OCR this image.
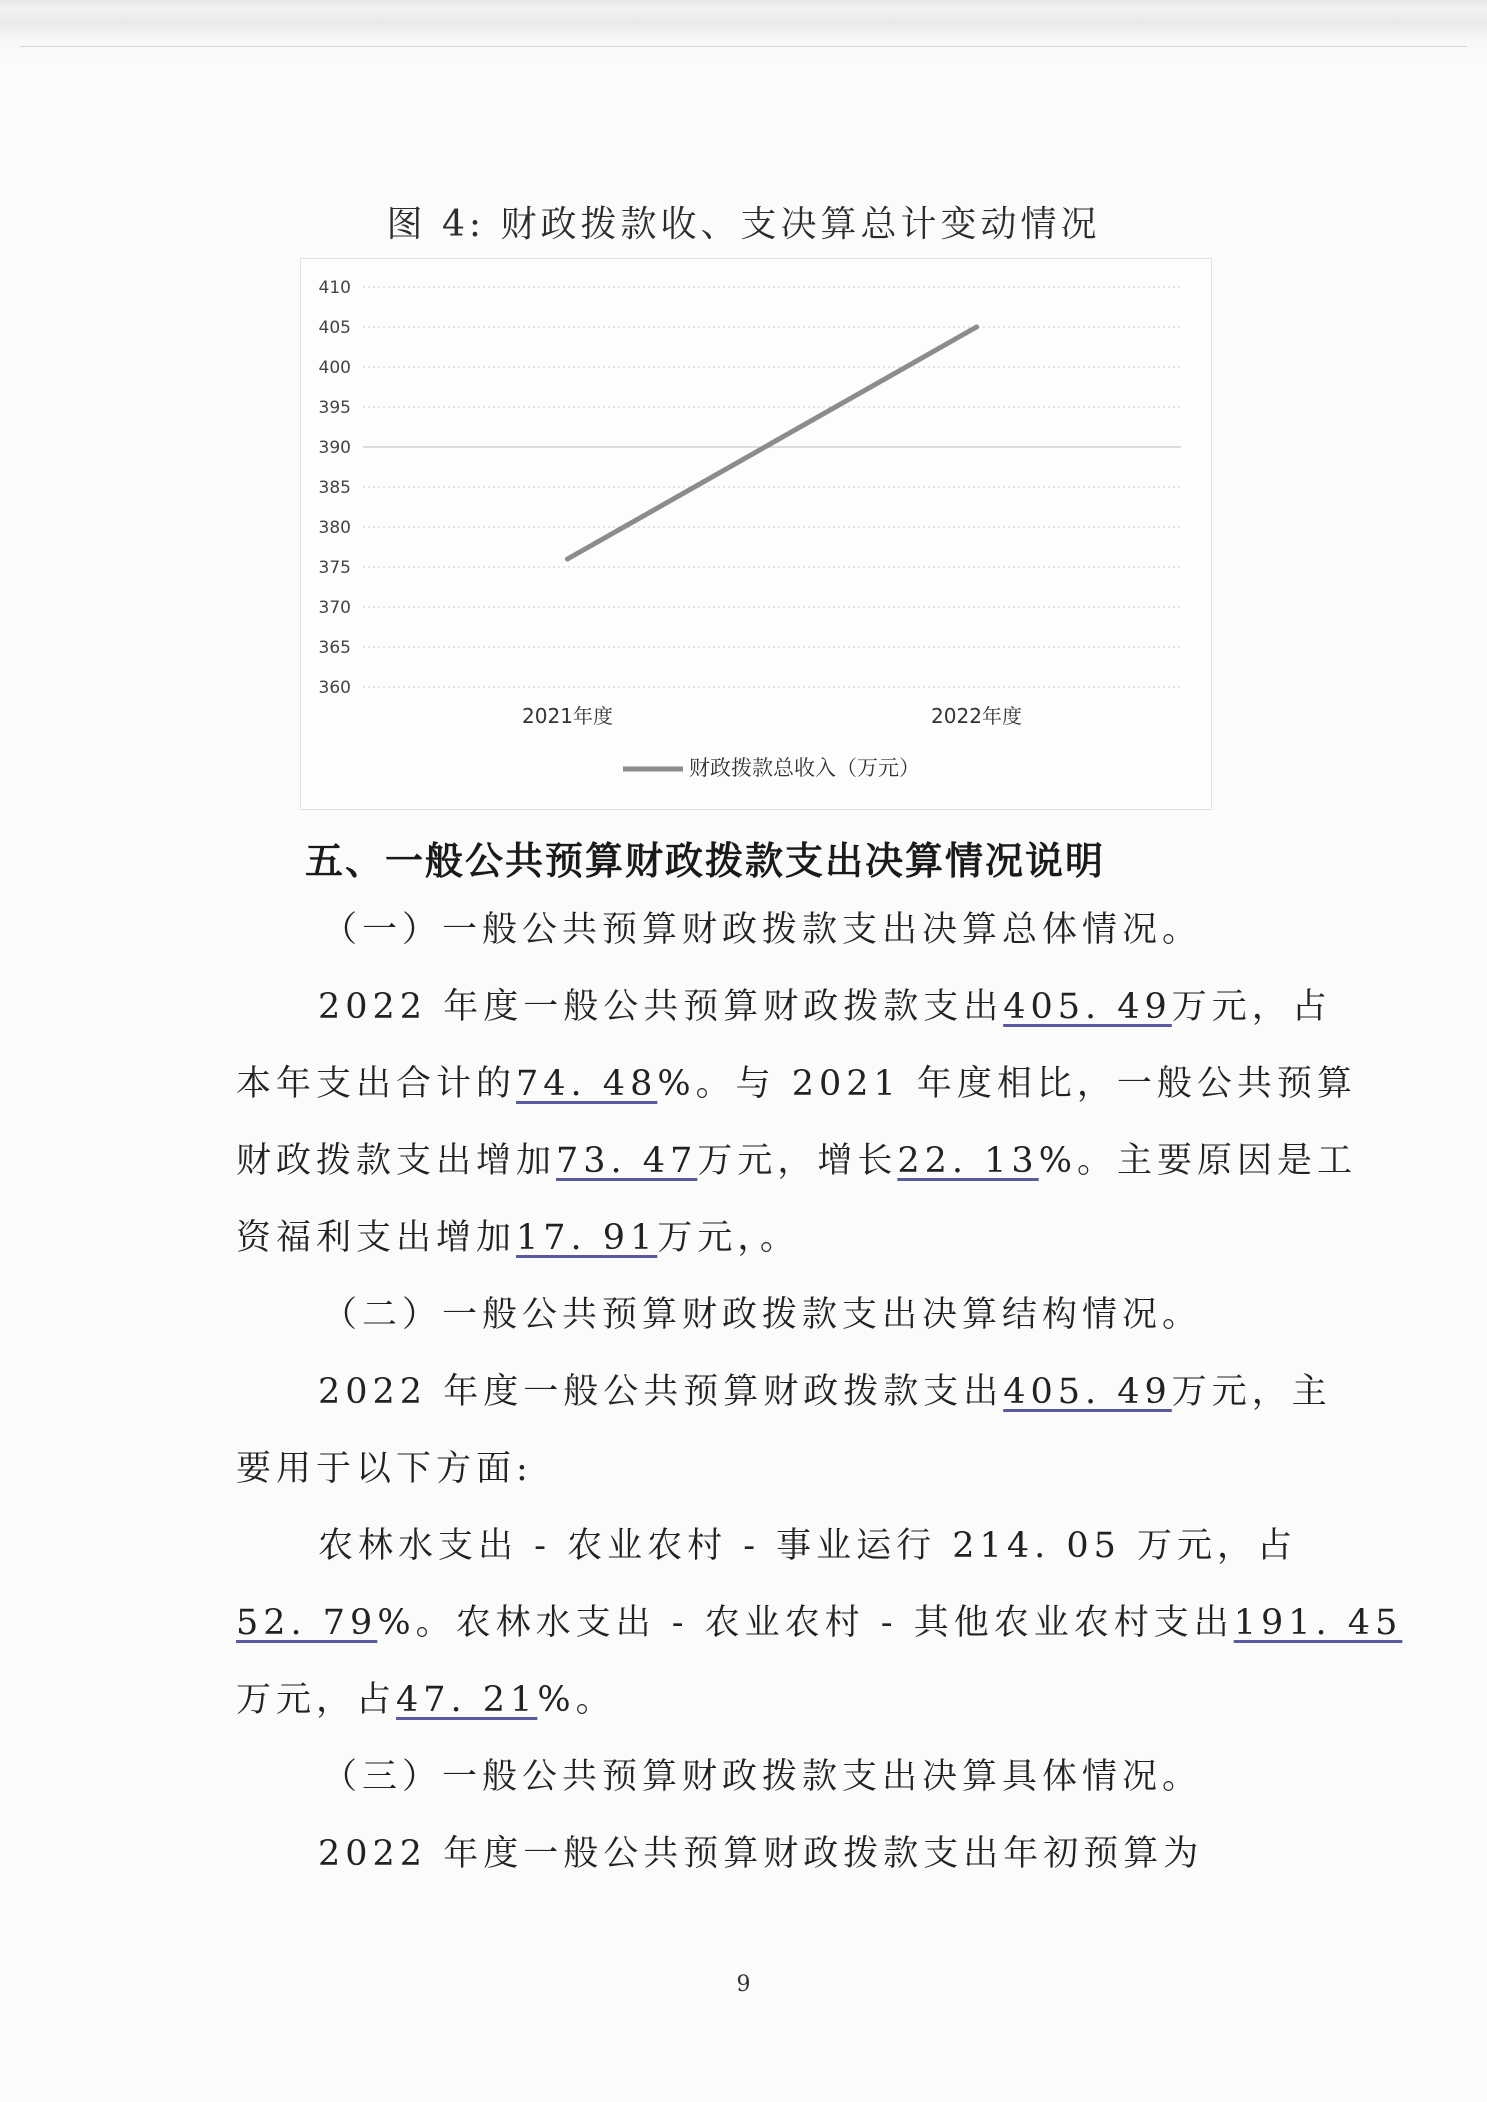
图 4: 财政拨款收、支决算总计变动情况
410
405
400
395
390
385
380
375
370
365
360
2021年度	2022年度
财政拨款总收入（万元）
五、一般公共预算财政拨款支出决算情况说明
（一）一般公共预算财政拨款支出决算总体情况。
2022 年度一般公共预算财政拨款支出405. 49万元，占
本年支出合计的74. 48%。与 2021 年度相比，一般公共预算
财政拨款支出增加73. 47万元，增长22. 13%。主要原因是工
资福利支出增加17. 91万元，。
（二）一般公共预算财政拨款支出决算结构情况。
2022 年度一般公共预算财政拨款支出405. 49万元，主
要用于以下方面:
农林水支出 - 农业农村 - 事业运行 214. 05 万元，占
52. 79%。农林水支出 - 农业农村 - 其他农业农村支出191. 45
万元，占47. 21%。
（三）一般公共预算财政拨款支出决算具体情况。
2022 年度一般公共预算财政拨款支出年初预算为
9
